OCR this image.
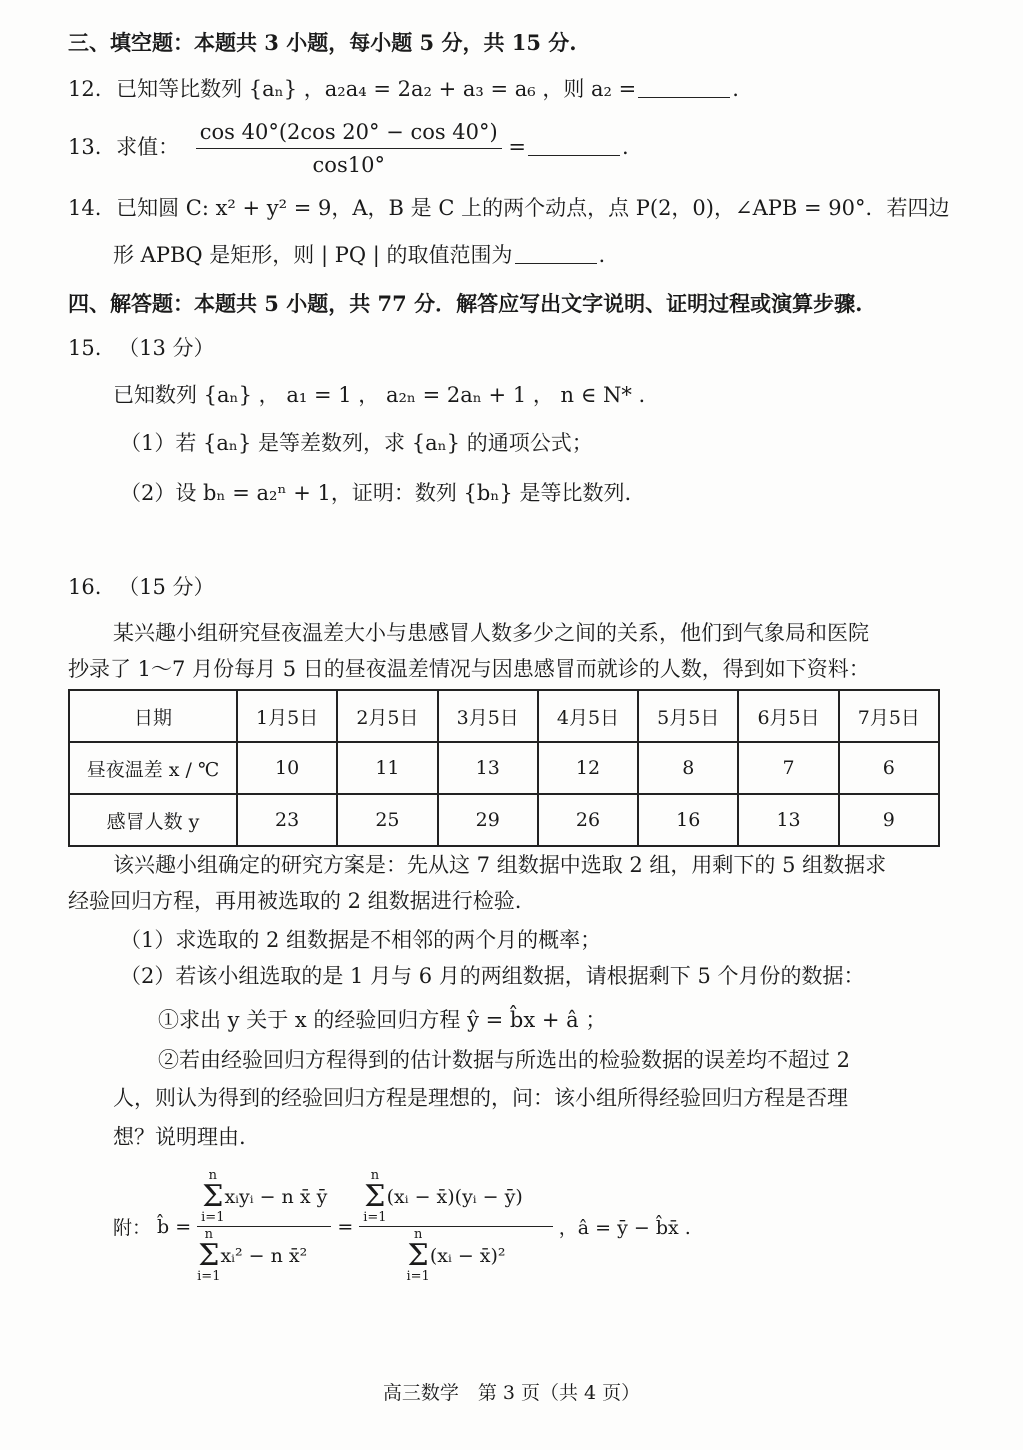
三、填空题：本题共 3 小题，每小题 5 分，共 15 分.
12. 已知等比数列 {aₙ} ，a₂a₄ = 2a₂ + a₃ = a₆ ，则 a₂ =	.
13. 求值： $\frac{\cos 40^\circ(2\cos 20^\circ - \cos 40^\circ)}{\cos 10^\circ}$ =	.
14. 已知圆 C: x² + y² = 9，A，B 是 C 上的两个动点，点 P(2，0)，∠APB = 90°．若四边
形 APBQ 是矩形，则 | PQ | 的取值范围为	.
四、解答题：本题共 5 小题，共 77 分．解答应写出文字说明、证明过程或演算步骤.
15. （13 分）
已知数列 {aₙ} ， a₁ = 1 ， a₂ₙ = 2aₙ + 1 ， n ∈ N* .
（1）若 {aₙ} 是等差数列，求 {aₙ} 的通项公式；
（2）设 bₙ = a₂ⁿ + 1，证明：数列 {bₙ} 是等比数列.
16. （15 分）
某兴趣小组研究昼夜温差大小与患感冒人数多少之间的关系，他们到气象局和医院
抄录了 1～7 月份每月 5 日的昼夜温差情况与因患感冒而就诊的人数，得到如下资料：
日期	1月5日	2月5日	3月5日	4月5日	5月5日	6月5日	7月5日
昼夜温差 x / ℃	10	11	13	12	8	7	6
感冒人数 y	23	25	29	26	16	13	9
该兴趣小组确定的研究方案是：先从这 7 组数据中选取 2 组，用剩下的 5 组数据求
经验回归方程，再用被选取的 2 组数据进行检验.
（1）求选取的 2 组数据是不相邻的两个月的概率；
（2）若该小组选取的是 1 月与 6 月的两组数据，请根据剩下 5 个月份的数据：
①求出 y 关于 x 的经验回归方程 ŷ = b̂x + â ；
②若由经验回归方程得到的估计数据与所选出的检验数据的误差均不超过 2
人，则认为得到的经验回归方程是理想的，问：该小组所得经验回归方程是否理
想？说明理由.
附： b̂ = n
Σ
i=1
xᵢyᵢ − n x̄ ȳ
n
Σ
i=1
xᵢ² − n x̄² = n
Σ
i=1
(xᵢ − x̄)(yᵢ − ȳ)
n
Σ
i=1
(xᵢ − x̄)² ，â = ȳ − b̂x̄ .
高三数学　第 3 页（共 4 页）
